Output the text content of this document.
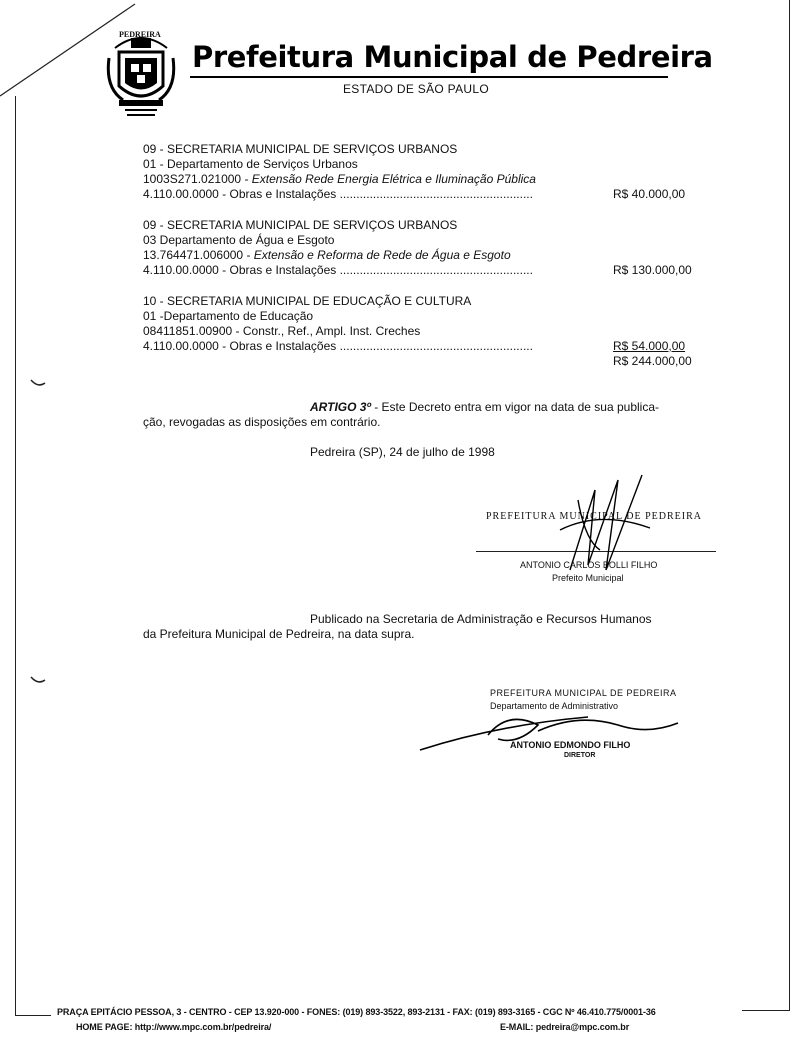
PEDREIRA
Prefeitura Municipal de Pedreira
ESTADO DE SÃO PAULO
09 - SECRETARIA MUNICIPAL DE SERVIÇOS URBANOS
01 - Departamento de Serviços Urbanos
1003S271.021000 - Extensão Rede Energia Elétrica e Iluminação Pública
4.110.00.0000 - Obras e Instalações ..........................................................	R$ 40.000,00
09 - SECRETARIA MUNICIPAL DE SERVIÇOS URBANOS
03 Departamento de Água e Esgoto
13.764471.006000 - Extensão e Reforma de Rede de Água e Esgoto
4.110.00.0000 - Obras e Instalações ..........................................................	R$ 130.000,00
10 - SECRETARIA MUNICIPAL DE EDUCAÇÃO E CULTURA
01 -Departamento de Educação
08411851.00900 - Constr., Ref., Ampl. Inst. Creches
4.110.00.0000 - Obras e Instalações ..........................................................	R$ 54.000,00
R$ 244.000,00
ARTIGO 3º - Este Decreto entra em vigor na data de sua publica-
ção, revogadas as disposições em contrário.
Pedreira (SP), 24 de julho de 1998
PREFEITURA MUNICIPAL DE PEDREIRA
ANTONIO CARLOS BOLLI FILHO
Prefeito Municipal
Publicado na Secretaria de Administração e Recursos Humanos
da Prefeitura Municipal de Pedreira, na data supra.
PREFEITURA MUNICIPAL DE PEDREIRA
Departamento de Administrativo
ANTONIO EDMONDO FILHO
DIRETOR
PRAÇA EPITÁCIO PESSOA, 3 - CENTRO - CEP 13.920-000 - FONES: (019) 893-3522, 893-2131 - FAX: (019) 893-3165 - CGC Nº 46.410.775/0001-36
HOME PAGE: http://www.mpc.com.br/pedreira/	E-MAIL: pedreira@mpc.com.br
